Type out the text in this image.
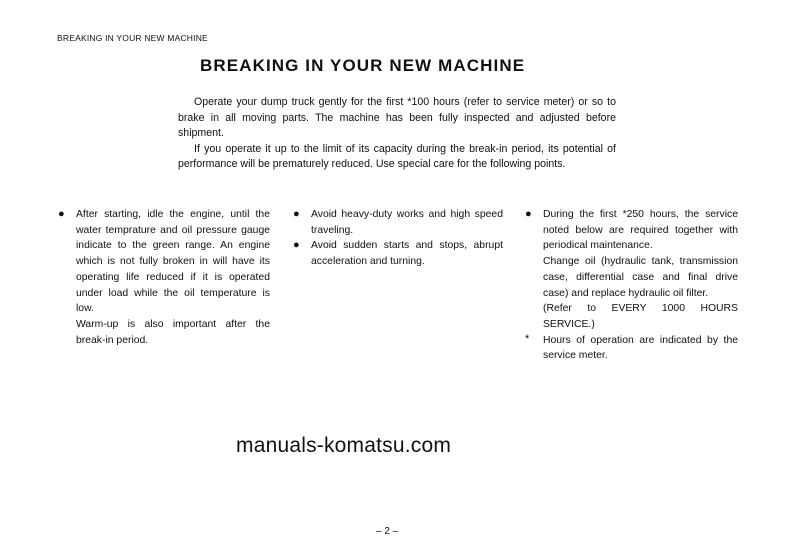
BREAKING IN YOUR NEW MACHINE
BREAKING IN YOUR NEW MACHINE

Operate your dump truck gently for the first *100 hours (refer to service meter) or so to brake in all moving parts. The machine has been fully inspected and adjusted before shipment.

If you operate it up to the limit of its capacity during the break-in period, its potential of performance will be prematurely reduced. Use special care for the following points.

● After starting, idle the engine, until the water temprature and oil pressure gauge indicate to the green range. An engine which is not fully broken in will have its operating life reduced if it is operated under load while the oil temperature is low.
Warm-up is also important after the break-in period.
● Avoid heavy-duty works and high speed traveling.
● Avoid sudden starts and stops, abrupt acceleration and turning.
● During the first *250 hours, the service noted below are required together with periodical maintenance.
Change oil (hydraulic tank, transmission case, differential case and final drive case) and replace hydraulic oil filter.
(Refer to EVERY 1000 HOURS SERVICE.)
* Hours of operation are indicated by the service meter.
manuals-komatsu.com
– 2 –
